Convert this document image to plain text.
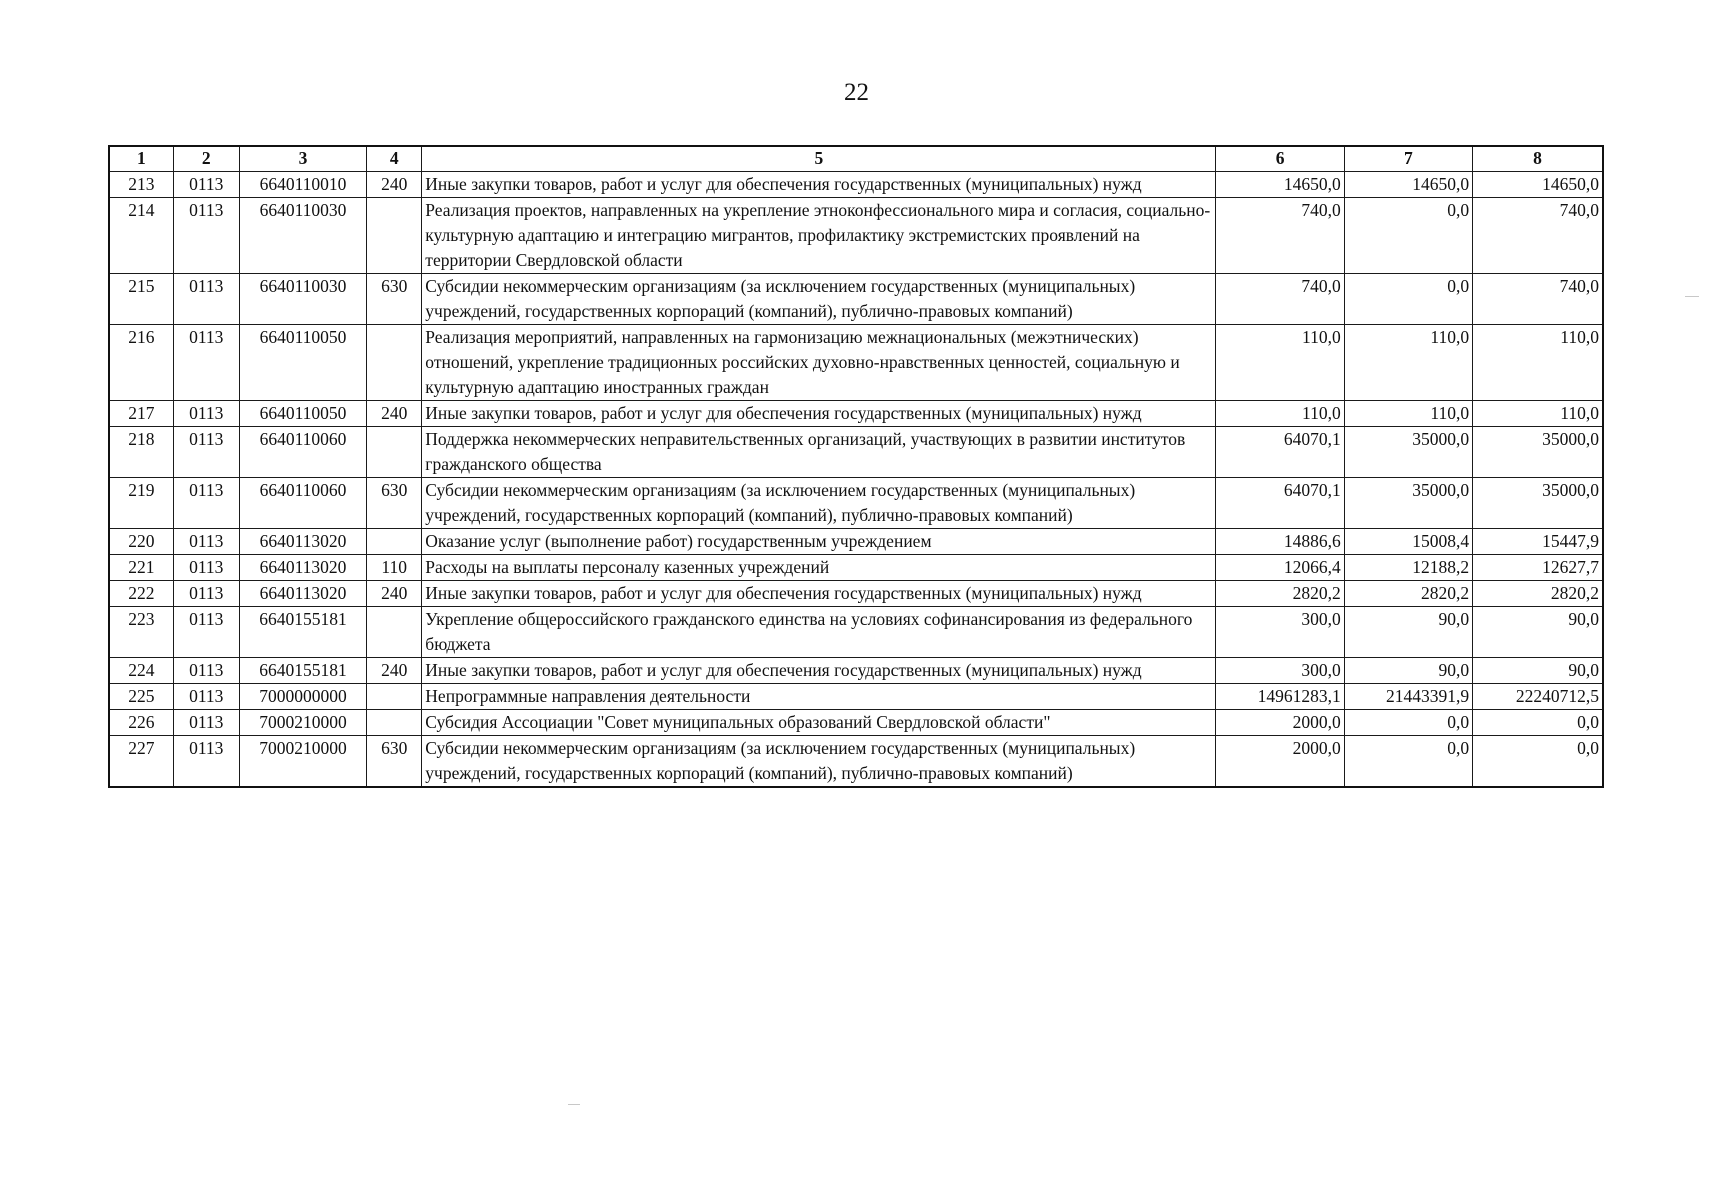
22
1	2	3	4	5	6	7	8
213	0113	6640110010	240	Иные закупки товаров, работ и услуг для обеспечения государственных (муниципальных) нужд	14650,0	14650,0	14650,0
214	0113	6640110030		Реализация проектов, направленных на укрепление этноконфессионального мира и согласия, социально-культурную адаптацию и интеграцию мигрантов, профилактику экстремистских проявлений на территории Свердловской области	740,0	0,0	740,0
215	0113	6640110030	630	Субсидии некоммерческим организациям (за исключением государственных (муниципальных) учреждений, государственных корпораций (компаний), публично-правовых компаний)	740,0	0,0	740,0
216	0113	6640110050		Реализация мероприятий, направленных на гармонизацию межнациональных (межэтнических) отношений, укрепление традиционных российских духовно-нравственных ценностей, социальную и культурную адаптацию иностранных граждан	110,0	110,0	110,0
217	0113	6640110050	240	Иные закупки товаров, работ и услуг для обеспечения государственных (муниципальных) нужд	110,0	110,0	110,0
218	0113	6640110060		Поддержка некоммерческих неправительственных организаций, участвующих в развитии институтов гражданского общества	64070,1	35000,0	35000,0
219	0113	6640110060	630	Субсидии некоммерческим организациям (за исключением государственных (муниципальных) учреждений, государственных корпораций (компаний), публично-правовых компаний)	64070,1	35000,0	35000,0
220	0113	6640113020		Оказание услуг (выполнение работ) государственным учреждением	14886,6	15008,4	15447,9
221	0113	6640113020	110	Расходы на выплаты персоналу казенных учреждений	12066,4	12188,2	12627,7
222	0113	6640113020	240	Иные закупки товаров, работ и услуг для обеспечения государственных (муниципальных) нужд	2820,2	2820,2	2820,2
223	0113	6640155181		Укрепление общероссийского гражданского единства на условиях софинансирования из федерального бюджета	300,0	90,0	90,0
224	0113	6640155181	240	Иные закупки товаров, работ и услуг для обеспечения государственных (муниципальных) нужд	300,0	90,0	90,0
225	0113	7000000000		Непрограммные направления деятельности	14961283,1	21443391,9	22240712,5
226	0113	7000210000		Субсидия Ассоциации "Совет муниципальных образований Свердловской области"	2000,0	0,0	0,0
227	0113	7000210000	630	Субсидии некоммерческим организациям (за исключением государственных (муниципальных) учреждений, государственных корпораций (компаний), публично-правовых компаний)	2000,0	0,0	0,0
